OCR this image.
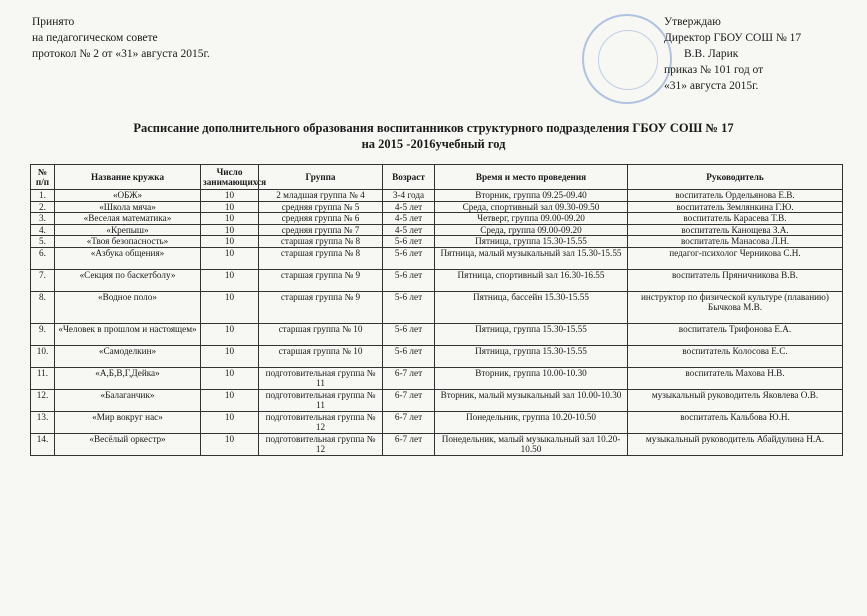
Принято
на педагогическом совете
протокол № 2 от «31» августа 2015г.
Утверждаю
Директор ГБОУ СОШ № 17
В.В. Ларик
приказ № 101 год от
«31» августа 2015г.
Расписание дополнительного образования воспитанников структурного подразделения ГБОУ СОШ № 17
на 2015 -2016учебный год
№ п/п	Название кружка	Число занимающихся	Группа	Возраст	Время и место проведения	Руководитель
1.	«ОБЖ»	10	2 младшая группа № 4	3-4 года	Вторник, группа 09.25-09.40	воспитатель Ордельянова Е.В.
2.	«Школа мяча»	10	средняя группа № 5	4-5 лет	Среда, спортивный зал 09.30-09.50	воспитатель Землянкина Г.Ю.
3.	«Веселая математика»	10	средняя группа № 6	4-5 лет	Четверг, группа 09.00-09.20	воспитатель Карасева Т.В.
4.	«Крепыш»	10	средняя группа № 7	4-5 лет	Среда, группа 09.00-09.20	воспитатель Канощева З.А.
5.	«Твоя безопасность»	10	старшая группа № 8	5-6 лет	Пятница, группа 15.30-15.55	воспитатель Манасова Л.Н.
6.	«Азбука общения»	10	старшая группа № 8	5-6 лет	Пятница, малый музыкальный зал 15.30-15.55	педагог-психолог Черникова С.Н.
7.	«Секция по баскетболу»	10	старшая группа № 9	5-6 лет	Пятница, спортивный зал 16.30-16.55	воспитатель Пряничникова В.В.
8.	«Водное поло»	10	старшая группа № 9	5-6 лет	Пятница, бассейн 15.30-15.55	инструктор по физической культуре (плаванию) Бычкова М.В.
9.	«Человек в прошлом и настоящем»	10	старшая группа № 10	5-6 лет	Пятница, группа 15.30-15.55	воспитатель Трифонова Е.А.
10.	«Самоделкин»	10	старшая группа № 10	5-6 лет	Пятница, группа 15.30-15.55	воспитатель Колосова Е.С.
11.	«А,Б,В,Г,Дейка»	10	подготовительная группа № 11	6-7 лет	Вторник, группа 10.00-10.30	воспитатель Махова Н.В.
12.	«Балаганчик»	10	подготовительная группа № 11	6-7 лет	Вторник, малый музыкальный зал 10.00-10.30	музыкальный руководитель Яковлева О.В.
13.	«Мир вокруг нас»	10	подготовительная группа № 12	6-7 лет	Понедельник, группа 10.20-10.50	воспитатель Кальбова Ю.Н.
14.	«Весёлый оркестр»	10	подготовительная группа № 12	6-7 лет	Понедельник, малый музыкальный зал 10.20-10.50	музыкальный руководитель Абайдулина Н.А.
